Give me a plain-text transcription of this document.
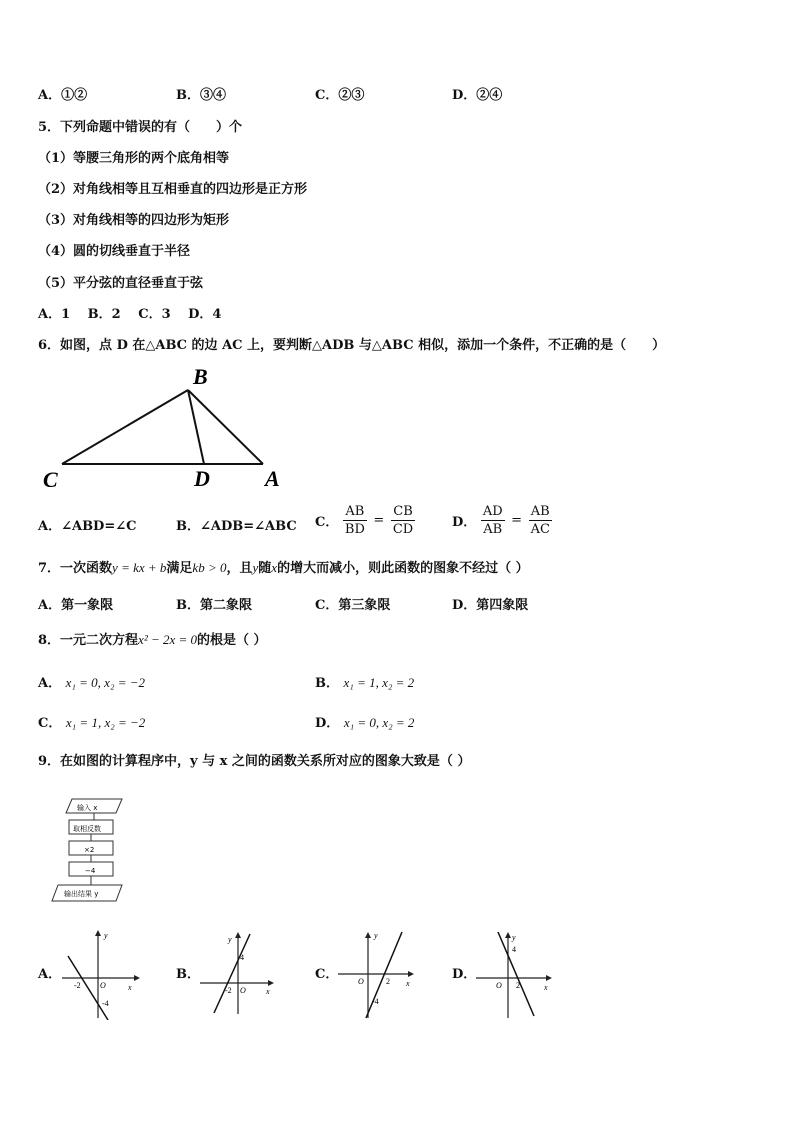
A．①②	B．③④	C．②③	D．②④
5．下列命题中错误的有（　　）个
（1）等腰三角形的两个底角相等
（2）对角线相等且互相垂直的四边形是正方形
（3）对角线相等的四边形为矩形
（4）圆的切线垂直于半径
（5）平分弦的直径垂直于弦
A．1　 B．2　 C．3　 D．4
6．如图，点 D 在△ABC 的边 AC 上，要判断△ADB 与△ABC 相似，添加一个条件，不正确的是（　　）
B
C	D	A
A．∠ABD=∠C	B．∠ADB=∠ABC C． $\frac{AB}{BD} = \frac{CB}{CD}$	D． $\frac{AD}{AB} = \frac{AB}{AC}$
7．一次函数y = kx + b满足kb > 0，且y随x的增大而减小，则此函数的图象不经过（ ）
A．第一象限	B．第二象限	C．第三象限	D．第四象限
8．一元二次方程x² − 2x = 0的根是（ ）
A． x₁ = 0, x₂ = −2	B． x₁ = 1, x₂ = 2
C． x₁ = 1, x₂ = −2	D． x₁ = 0, x₂ = 2
9．在如图的计算程序中，y 与 x 之间的函数关系所对应的图象大致是（ ）
输入 x
取相反数
×2
−4
输出结果 y
A．
y
x
O
-2
-4
B．
y
x
O
4
-2
C．
y
x
O	2
-4
D．
y
x
O
4
2
